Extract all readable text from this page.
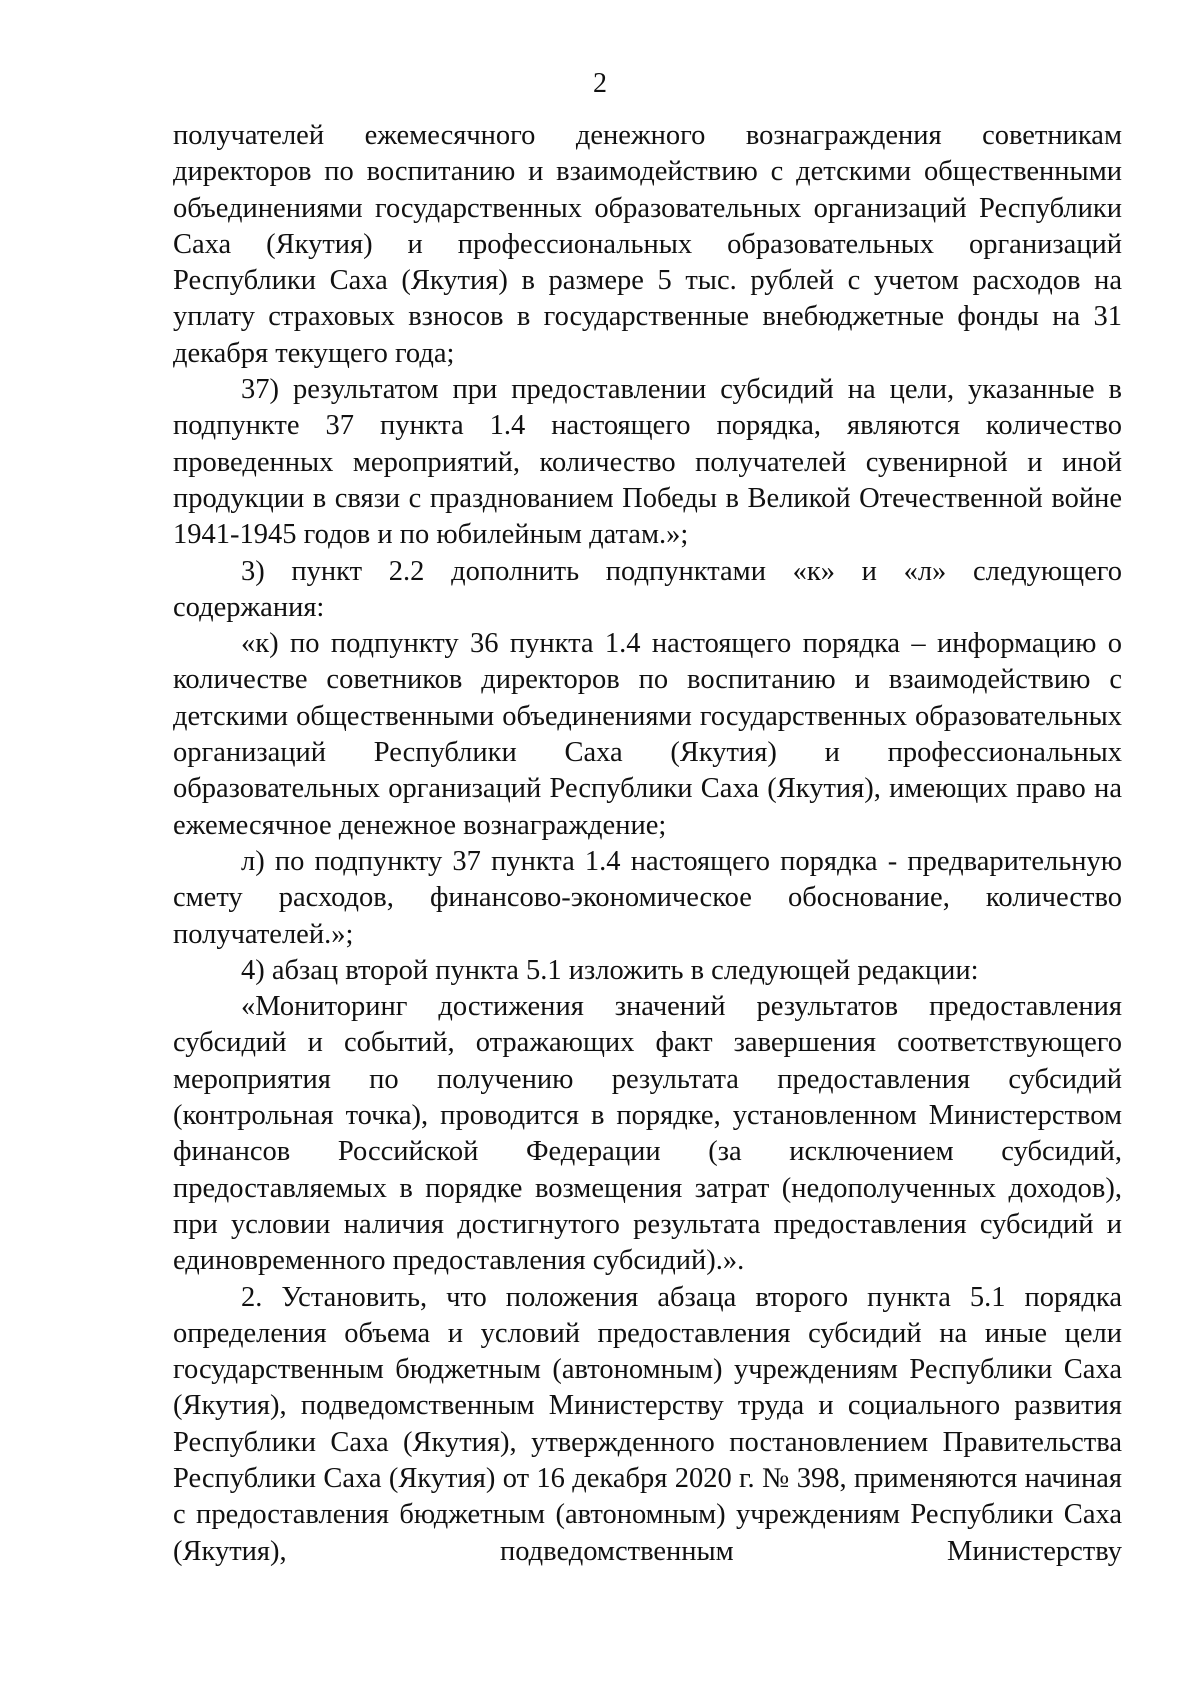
2

получателей ежемесячного денежного вознаграждения советникам директоров по воспитанию и взаимодействию с детскими общественными объединениями государственных образовательных организаций Республики Саха (Якутия) и профессиональных образовательных организаций Республики Саха (Якутия) в размере 5 тыс. рублей с учетом расходов на уплату страховых взносов в государственные внебюджетные фонды на 31 декабря текущего года;

37) результатом при предоставлении субсидий на цели, указанные в подпункте 37 пункта 1.4 настоящего порядка, являются количество проведенных мероприятий, количество получателей сувенирной и иной продукции в связи с празднованием Победы в Великой Отечественной войне 1941-1945 годов и по юбилейным датам.»;

3) пункт 2.2 дополнить подпунктами «к» и «л» следующего содержания:

«к) по подпункту 36 пункта 1.4 настоящего порядка – информацию о количестве советников директоров по воспитанию и взаимодействию с детскими общественными объединениями государственных образовательных организаций Республики Саха (Якутия) и профессиональных образовательных организаций Республики Саха (Якутия), имеющих право на ежемесячное денежное вознаграждение;

л) по подпункту 37 пункта 1.4 настоящего порядка - предварительную смету расходов, финансово-экономическое обоснование, количество получателей.»;

4) абзац второй пункта 5.1 изложить в следующей редакции:

«Мониторинг достижения значений результатов предоставления субсидий и событий, отражающих факт завершения соответствующего мероприятия по получению результата предоставления субсидий (контрольная точка), проводится в порядке, установленном Министерством финансов Российской Федерации (за исключением субсидий, предоставляемых в порядке возмещения затрат (недополученных доходов), при условии наличия достигнутого результата предоставления субсидий и единовременного предоставления субсидий).».

2. Установить, что положения абзаца второго пункта 5.1 порядка определения объема и условий предоставления субсидий на иные цели государственным бюджетным (автономным) учреждениям Республики Саха (Якутия), подведомственным Министерству труда и социального развития Республики Саха (Якутия), утвержденного постановлением Правительства Республики Саха (Якутия) от 16 декабря 2020 г. № 398, применяются начиная с предоставления бюджетным (автономным) учреждениям Республики Саха (Якутия), подведомственным Министерству
